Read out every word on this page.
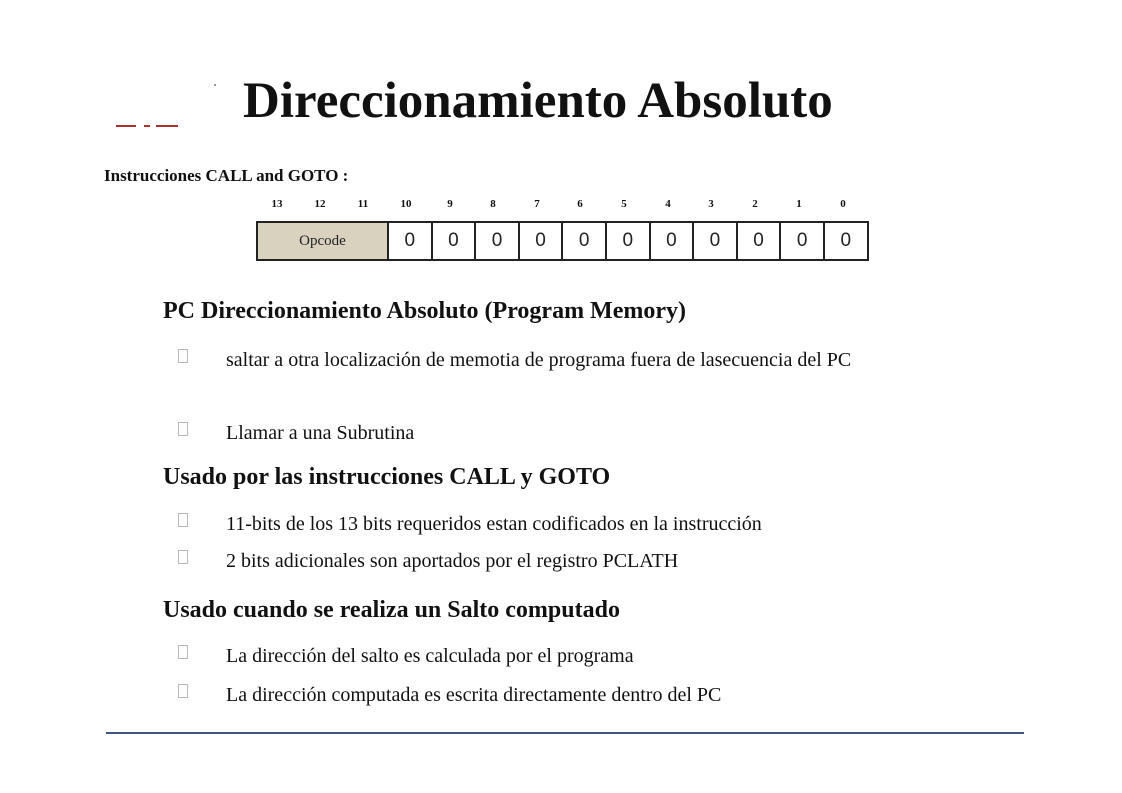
Direccionamiento Absoluto
Instrucciones CALL and GOTO :
13	12	11	10	9	8	7	6	5	4	3	2	1	0
Opcode	0	0	0	0	0	0	0	0	0	0	0
PC Direccionamiento Absoluto (Program Memory)
saltar a otra localización de memotia de programa fuera de lasecuencia del PC
Llamar a una Subrutina
Usado por las instrucciones CALL y GOTO
11-bits de los 13 bits requeridos estan codificados en la instrucción
2 bits adicionales son aportados por el registro PCLATH
Usado cuando se realiza un Salto computado
La dirección del salto es calculada por el programa
La dirección computada es escrita directamente dentro del PC
